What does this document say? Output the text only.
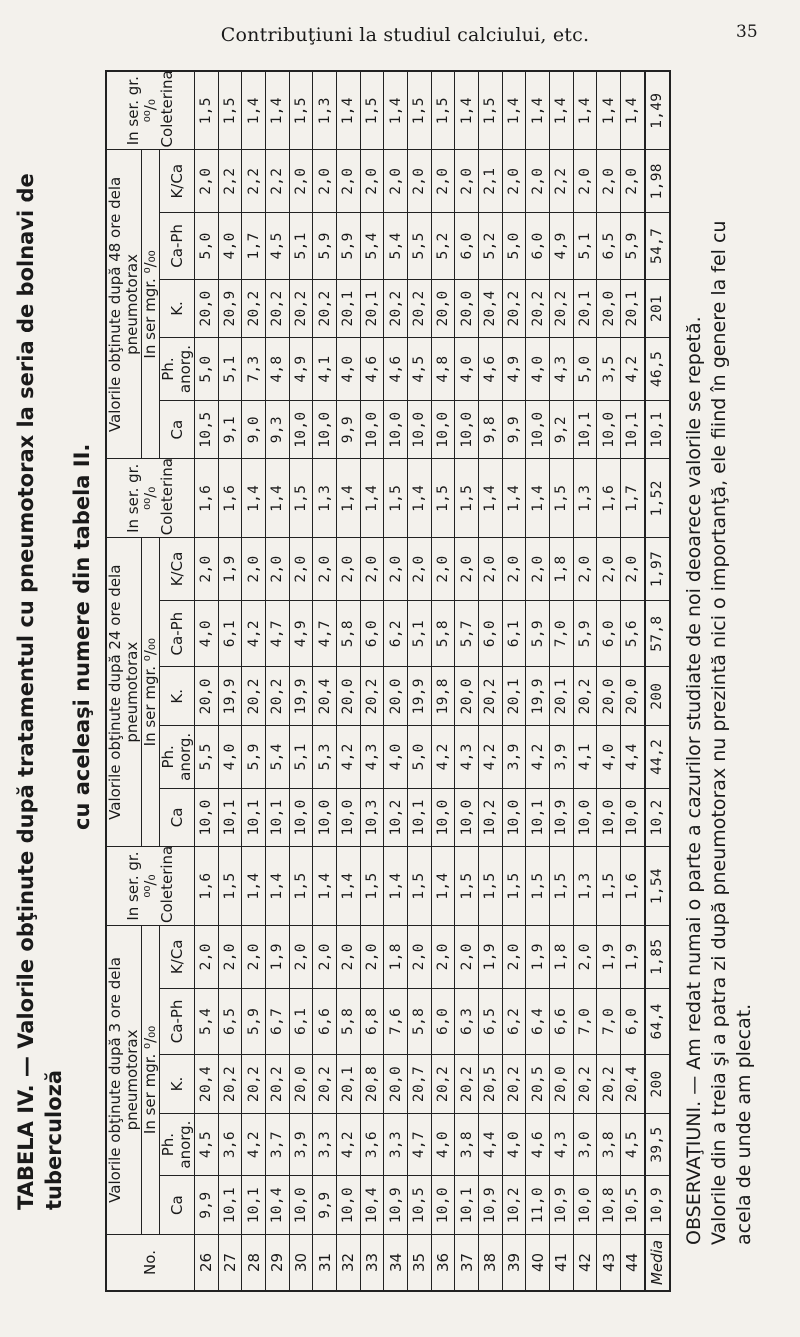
Contribuţiuni la studiul calciului, etc.	35
TABELA IV. — Valorile obţinute după tratamentul cu pneumotorax la seria de bolnavi de tuberculoză
cu aceleaşi numere din tabela II.
No.	Valorile obţinute după 3 ore dela pneumotorax					In ser. gr. ⁰⁰/₀ Coleterina	Valorile obţinute după 24 ore dela pneumotorax					In ser. gr. ⁰⁰/₀ Coleterina	Valorile obţinute după 48 ore dela pneumotorax					In ser. gr. ⁰⁰/₀ Coleterina
	In ser mgr. ⁰/₀₀						In ser mgr. ⁰/₀₀						In ser mgr. ⁰/₀₀					
	Ca	Ph. anorg.	K.	Ca-Ph	K/Ca		Ca	Ph. anorg.	K.	Ca-Ph	K/Ca		Ca	Ph. anorg.	K.	Ca-Ph	K/Ca	
26	9,9	4,5	20,4	5,4	2,0	1,6	10,0	5,5	20,0	4,0	2,0	1,6	10,5	5,0	20,0	5,0	2,0	1,5
27	10,1	3,6	20,2	6,5	2,0	1,5	10,1	4,0	19,9	6,1	1,9	1,6	9,1	5,1	20,9	4,0	2,2	1,5
28	10,1	4,2	20,2	5,9	2,0	1,4	10,1	5,9	20,2	4,2	2,0	1,4	9,0	7,3	20,2	1,7	2,2	1,4
29	10,4	3,7	20,2	6,7	1,9	1,4	10,1	5,4	20,2	4,7	2,0	1,4	9,3	4,8	20,2	4,5	2,2	1,4
30	10,0	3,9	20,0	6,1	2,0	1,5	10,0	5,1	19,9	4,9	2,0	1,5	10,0	4,9	20,2	5,1	2,0	1,5
31	9,9	3,3	20,2	6,6	2,0	1,4	10,0	5,3	20,4	4,7	2,0	1,3	10,0	4,1	20,2	5,9	2,0	1,3
32	10,0	4,2	20,1	5,8	2,0	1,4	10,0	4,2	20,0	5,8	2,0	1,4	9,9	4,0	20,1	5,9	2,0	1,4
33	10,4	3,6	20,8	6,8	2,0	1,5	10,3	4,3	20,2	6,0	2,0	1,4	10,0	4,6	20,1	5,4	2,0	1,5
34	10,9	3,3	20,0	7,6	1,8	1,4	10,2	4,0	20,0	6,2	2,0	1,5	10,0	4,6	20,2	5,4	2,0	1,4
35	10,5	4,7	20,7	5,8	2,0	1,5	10,1	5,0	19,9	5,1	2,0	1,4	10,0	4,5	20,2	5,5	2,0	1,5
36	10,0	4,0	20,2	6,0	2,0	1,4	10,0	4,2	19,8	5,8	2,0	1,5	10,0	4,8	20,0	5,2	2,0	1,5
37	10,1	3,8	20,2	6,3	2,0	1,5	10,0	4,3	20,0	5,7	2,0	1,5	10,0	4,0	20,0	6,0	2,0	1,4
38	10,9	4,4	20,5	6,5	1,9	1,5	10,2	4,2	20,2	6,0	2,0	1,4	9,8	4,6	20,4	5,2	2,1	1,5
39	10,2	4,0	20,2	6,2	2,0	1,5	10,0	3,9	20,1	6,1	2,0	1,4	9,9	4,9	20,2	5,0	2,0	1,4
40	11,0	4,6	20,5	6,4	1,9	1,5	10,1	4,2	19,9	5,9	2,0	1,4	10,0	4,0	20,2	6,0	2,0	1,4
41	10,9	4,3	20,0	6,6	1,8	1,5	10,9	3,9	20,1	7,0	1,8	1,5	9,2	4,3	20,2	4,9	2,2	1,4
42	10,0	3,0	20,2	7,0	2,0	1,3	10,0	4,1	20,2	5,9	2,0	1,3	10,1	5,0	20,1	5,1	2,0	1,4
43	10,8	3,8	20,2	7,0	1,9	1,5	10,0	4,0	20,0	6,0	2,0	1,6	10,0	3,5	20,0	6,5	2,0	1,4
44	10,5	4,5	20,4	6,0	1,9	1,6	10,0	4,4	20,0	5,6	2,0	1,7	10,1	4,2	20,1	5,9	2,0	1,4
Media	10,9	39,5	200	64,4	1,85	1,54	10,2	44,2	200	57,8	1,97	1,52	10,1	46,5	201	54,7	1,98	1,49
OBSERVAŢIUNI. — Am redat numai o parte a cazurilor studiate de noi deoarece valorile se repetă. Valorile din a treia şi a patra zi după pneumotorax nu prezintă nici o importanţă, ele fiind în genere la fel cu acela de unde am plecat.
